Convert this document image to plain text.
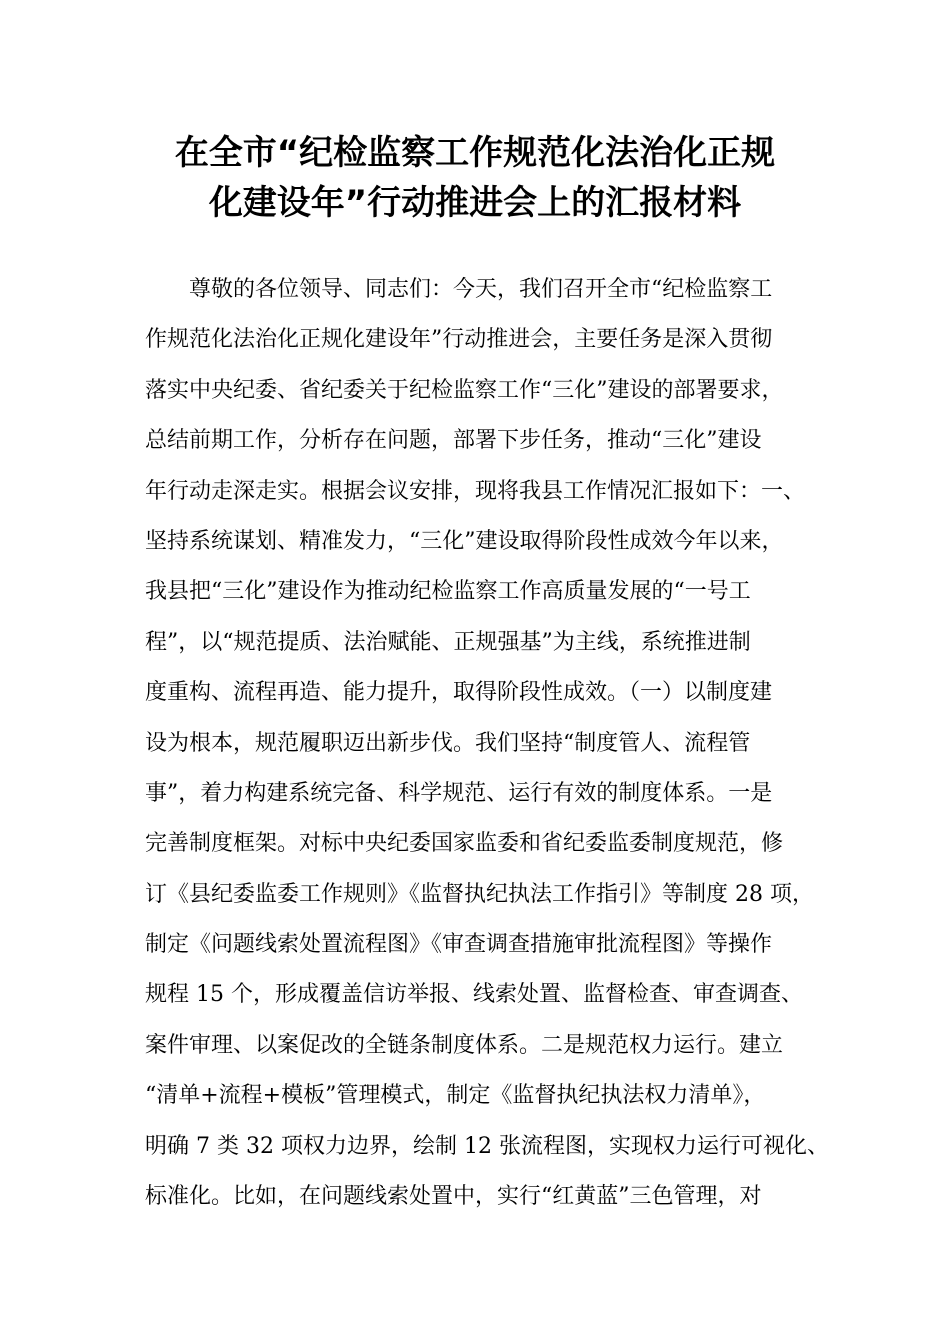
在全市“纪检监察工作规范化法治化正规
化建设年”行动推进会上的汇报材料
　　尊敬的各位领导、同志们：今天，我们召开全市“纪检监察工
作规范化法治化正规化建设年”行动推进会，主要任务是深入贯彻
落实中央纪委、省纪委关于纪检监察工作“三化”建设的部署要求，
总结前期工作，分析存在问题，部署下步任务，推动“三化”建设
年行动走深走实。根据会议安排，现将我县工作情况汇报如下：一、
坚持系统谋划、精准发力，“三化”建设取得阶段性成效今年以来，
我县把“三化”建设作为推动纪检监察工作高质量发展的“一号工
程”，以“规范提质、法治赋能、正规强基”为主线，系统推进制
度重构、流程再造、能力提升，取得阶段性成效。（一）以制度建
设为根本，规范履职迈出新步伐。我们坚持“制度管人、流程管
事”，着力构建系统完备、科学规范、运行有效的制度体系。一是
完善制度框架。对标中央纪委国家监委和省纪委监委制度规范，修
订《县纪委监委工作规则》《监督执纪执法工作指引》等制度 28 项，
制定《问题线索处置流程图》《审查调查措施审批流程图》等操作
规程 15 个，形成覆盖信访举报、线索处置、监督检查、审查调查、
案件审理、以案促改的全链条制度体系。二是规范权力运行。建立
“清单+流程+模板”管理模式，制定《监督执纪执法权力清单》，
明确 7 类 32 项权力边界，绘制 12 张流程图，实现权力运行可视化、
标准化。比如，在问题线索处置中，实行“红黄蓝”三色管理，对
